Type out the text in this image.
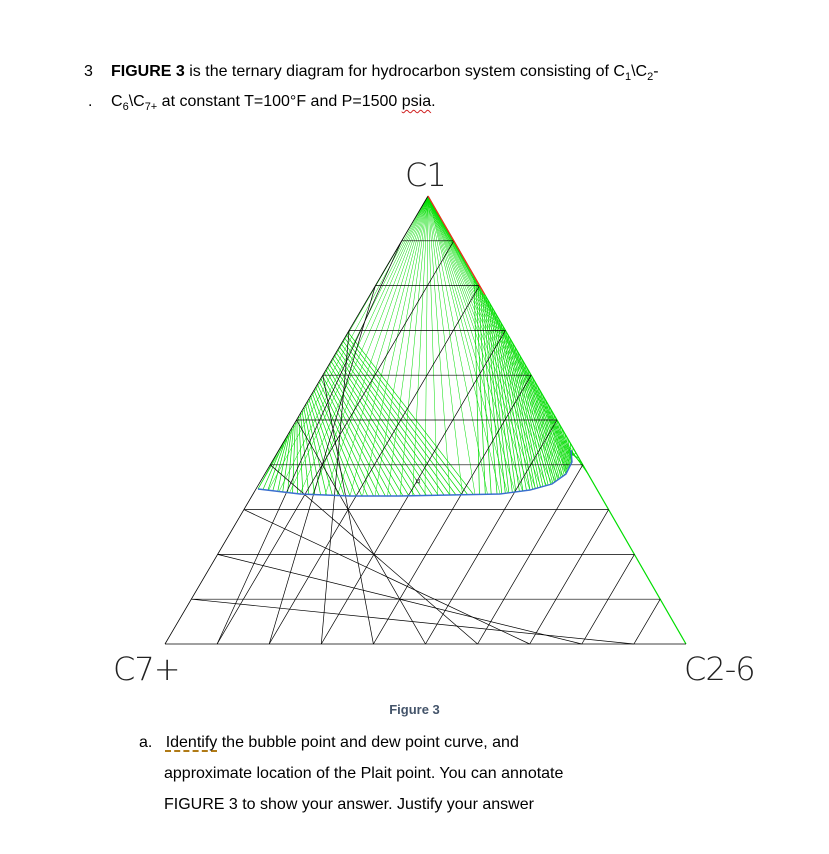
3
.
FIGURE 3 is the ternary diagram for hydrocarbon system consisting of $C_1\backslash C_2-$
$C_6\backslash C_{7+}$ at constant T=100°F and P=1500 psia.
¤
C1
C7+	C2-6
Figure 3
a. Identify the bubble point and dew point curve, and
approximate location of the Plait point. You can annotate
FIGURE 3 to show your answer. Justify your answer
